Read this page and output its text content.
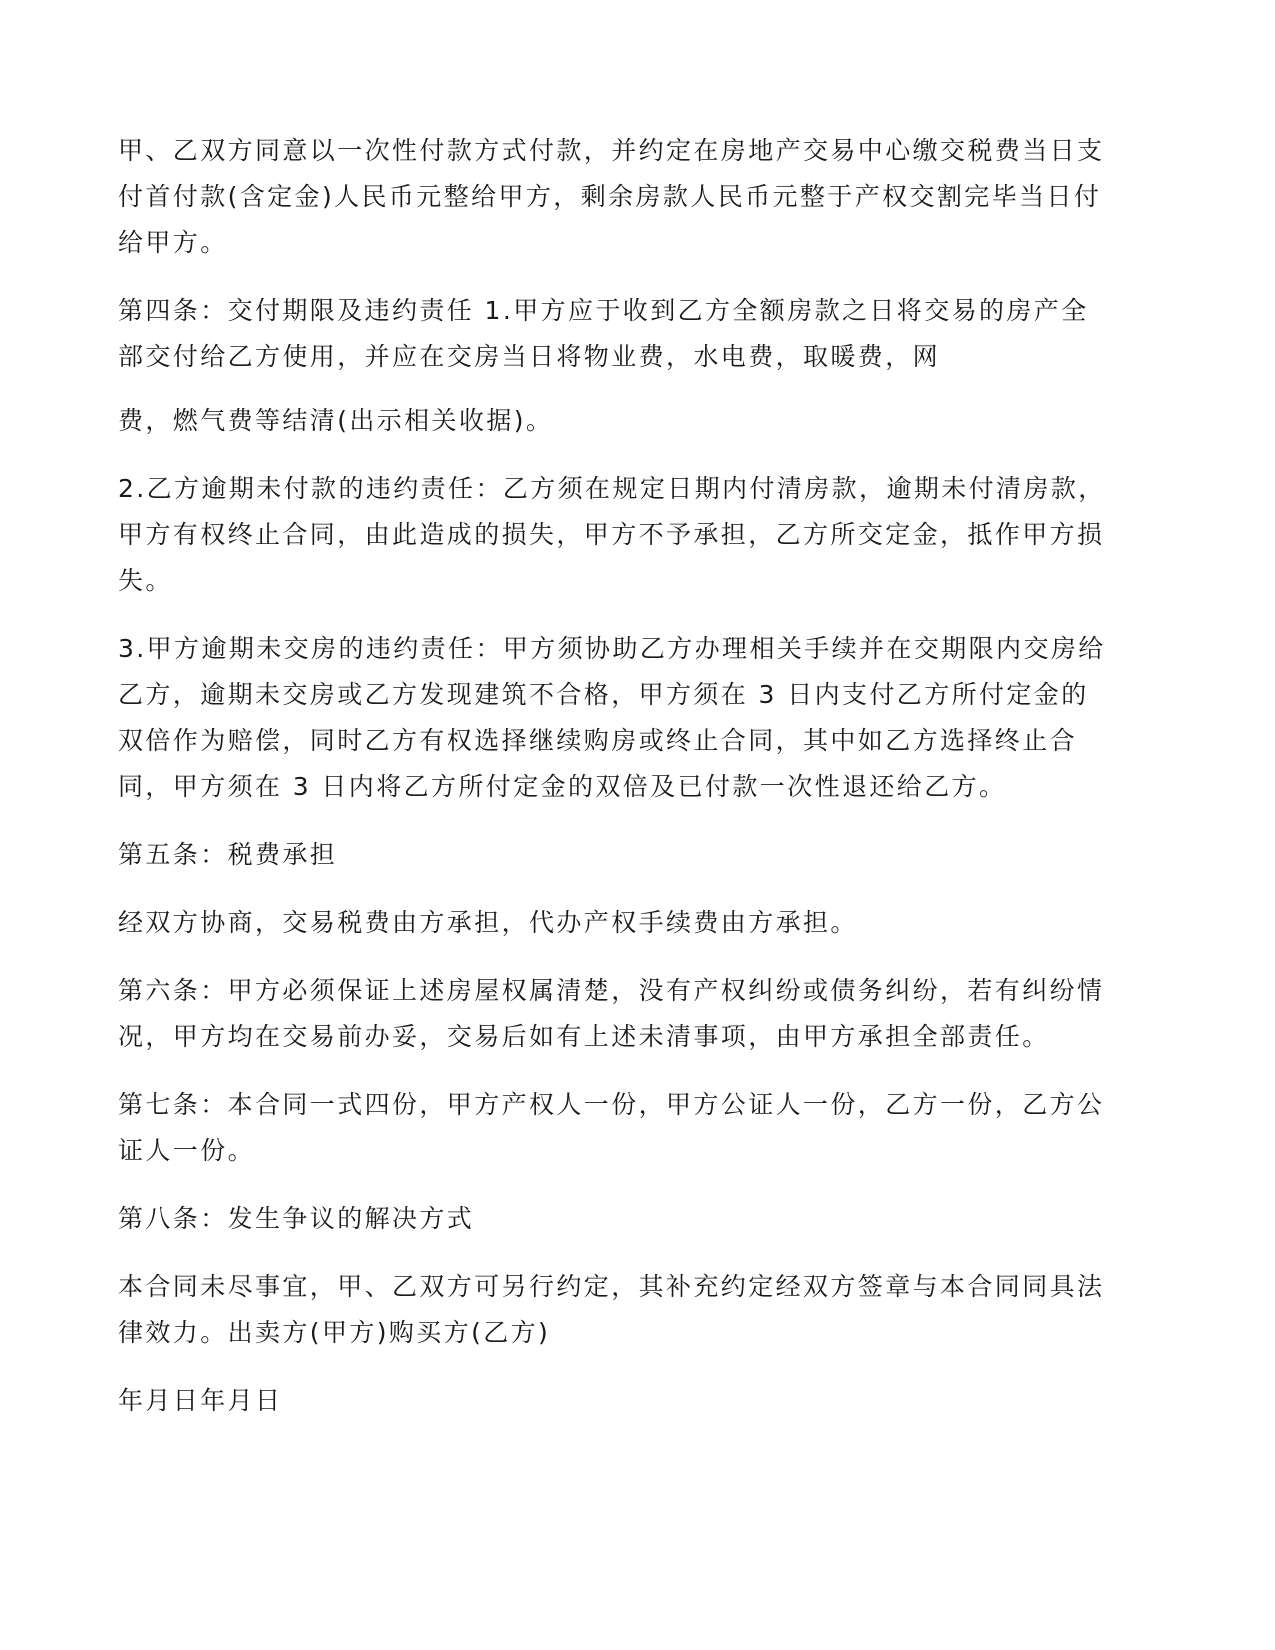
甲、乙双方同意以一次性付款方式付款，并约定在房地产交易中心缴交税费当日支付首付款(含定金)人民币元整给甲方，剩余房款人民币元整于产权交割完毕当日付给甲方。

第四条：交付期限及违约责任 1.甲方应于收到乙方全额房款之日将交易的房产全部交付给乙方使用，并应在交房当日将物业费，水电费，取暖费，网

费，燃气费等结清(出示相关收据)。

2.乙方逾期未付款的违约责任：乙方须在规定日期内付清房款，逾期未付清房款，甲方有权终止合同，由此造成的损失，甲方不予承担，乙方所交定金，抵作甲方损失。

3.甲方逾期未交房的违约责任：甲方须协助乙方办理相关手续并在交期限内交房给乙方，逾期未交房或乙方发现建筑不合格，甲方须在 3 日内支付乙方所付定金的双倍作为赔偿，同时乙方有权选择继续购房或终止合同，其中如乙方选择终止合同，甲方须在 3 日内将乙方所付定金的双倍及已付款一次性退还给乙方。

第五条：税费承担

经双方协商，交易税费由方承担，代办产权手续费由方承担。

第六条：甲方必须保证上述房屋权属清楚，没有产权纠纷或债务纠纷，若有纠纷情况，甲方均在交易前办妥，交易后如有上述未清事项，由甲方承担全部责任。

第七条：本合同一式四份，甲方产权人一份，甲方公证人一份，乙方一份，乙方公证人一份。

第八条：发生争议的解决方式

本合同未尽事宜，甲、乙双方可另行约定，其补充约定经双方签章与本合同同具法律效力。出卖方(甲方)购买方(乙方)

年月日年月日
